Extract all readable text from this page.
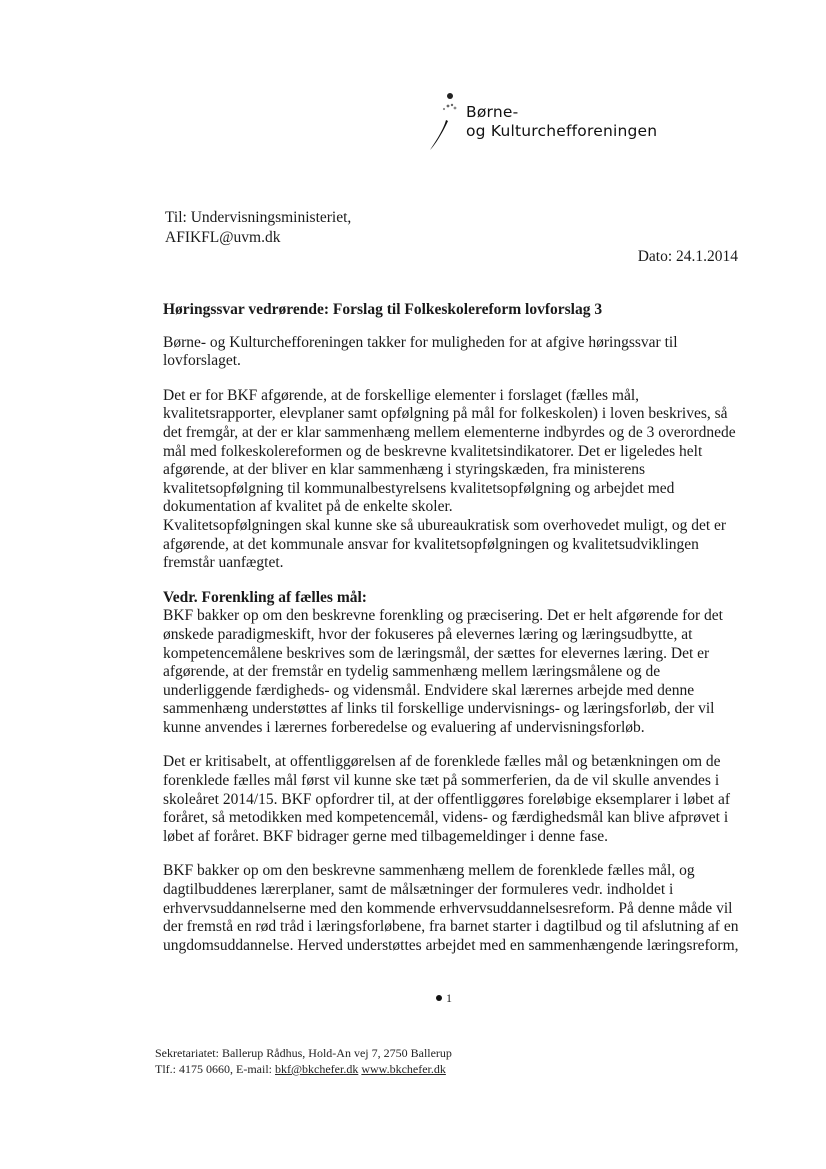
Børne-
og Kulturchefforeningen
Til: Undervisningsministeriet,
AFIKFL@uvm.dk
Dato: 24.1.2014
Høringssvar vedrørende: Forslag til Folkeskolereform lovforslag 3

Børne- og Kulturchefforeningen takker for muligheden for at afgive høringssvar til lovforslaget.

Det er for BKF afgørende, at de forskellige elementer i forslaget (fælles mål, kvalitetsrapporter, elevplaner samt opfølgning på mål for folkeskolen) i loven beskrives, så det fremgår, at der er klar sammenhæng mellem elementerne indbyrdes og de 3 overordnede mål med folkeskolereformen og de beskrevne kvalitetsindikatorer. Det er ligeledes helt afgørende, at der bliver en klar sammenhæng i styringskæden, fra ministerens kvalitetsopfølgning til kommunalbestyrelsens kvalitetsopfølgning og arbejdet med dokumentation af kvalitet på de enkelte skoler.

Kvalitetsopfølgningen skal kunne ske så ubureaukratisk som overhovedet muligt, og det er afgørende, at det kommunale ansvar for kvalitetsopfølgningen og kvalitetsudviklingen fremstår uanfægtet.

Vedr. Forenkling af fælles mål:

BKF bakker op om den beskrevne forenkling og præcisering. Det er helt afgørende for det ønskede paradigmeskift, hvor der fokuseres på elevernes læring og læringsudbytte, at kompetencemålene beskrives som de læringsmål, der sættes for elevernes læring. Det er afgørende, at der fremstår en tydelig sammenhæng mellem læringsmålene og de underliggende færdigheds- og vidensmål. Endvidere skal lærernes arbejde med denne sammenhæng understøttes af links til forskellige undervisnings- og læringsforløb, der vil kunne anvendes i lærernes forberedelse og evaluering af undervisningsforløb.

Det er kritisabelt, at offentliggørelsen af de forenklede fælles mål og betænkningen om de forenklede fælles mål først vil kunne ske tæt på sommerferien, da de vil skulle anvendes i skoleåret 2014/15. BKF opfordrer til, at der offentliggøres foreløbige eksemplarer i løbet af foråret, så metodikken med kompetencemål, videns- og færdighedsmål kan blive afprøvet i løbet af foråret. BKF bidrager gerne med tilbagemeldinger i denne fase.

BKF bakker op om den beskrevne sammenhæng mellem de forenklede fælles mål, og dagtilbuddenes lærerplaner, samt de målsætninger der formuleres vedr. indholdet i erhvervsuddannelserne med den kommende erhvervsuddannelsesreform. På denne måde vil der fremstå en rød tråd i læringsforløbene, fra barnet starter i dagtilbud og til afslutning af en ungdomsuddannelse. Herved understøttes arbejdet med en sammenhængende læringsreform,

1
Sekretariatet: Ballerup Rådhus, Hold-An vej 7, 2750 Ballerup
Tlf.: 4175 0660, E-mail: bkf@bkchefer.dk www.bkchefer.dk
